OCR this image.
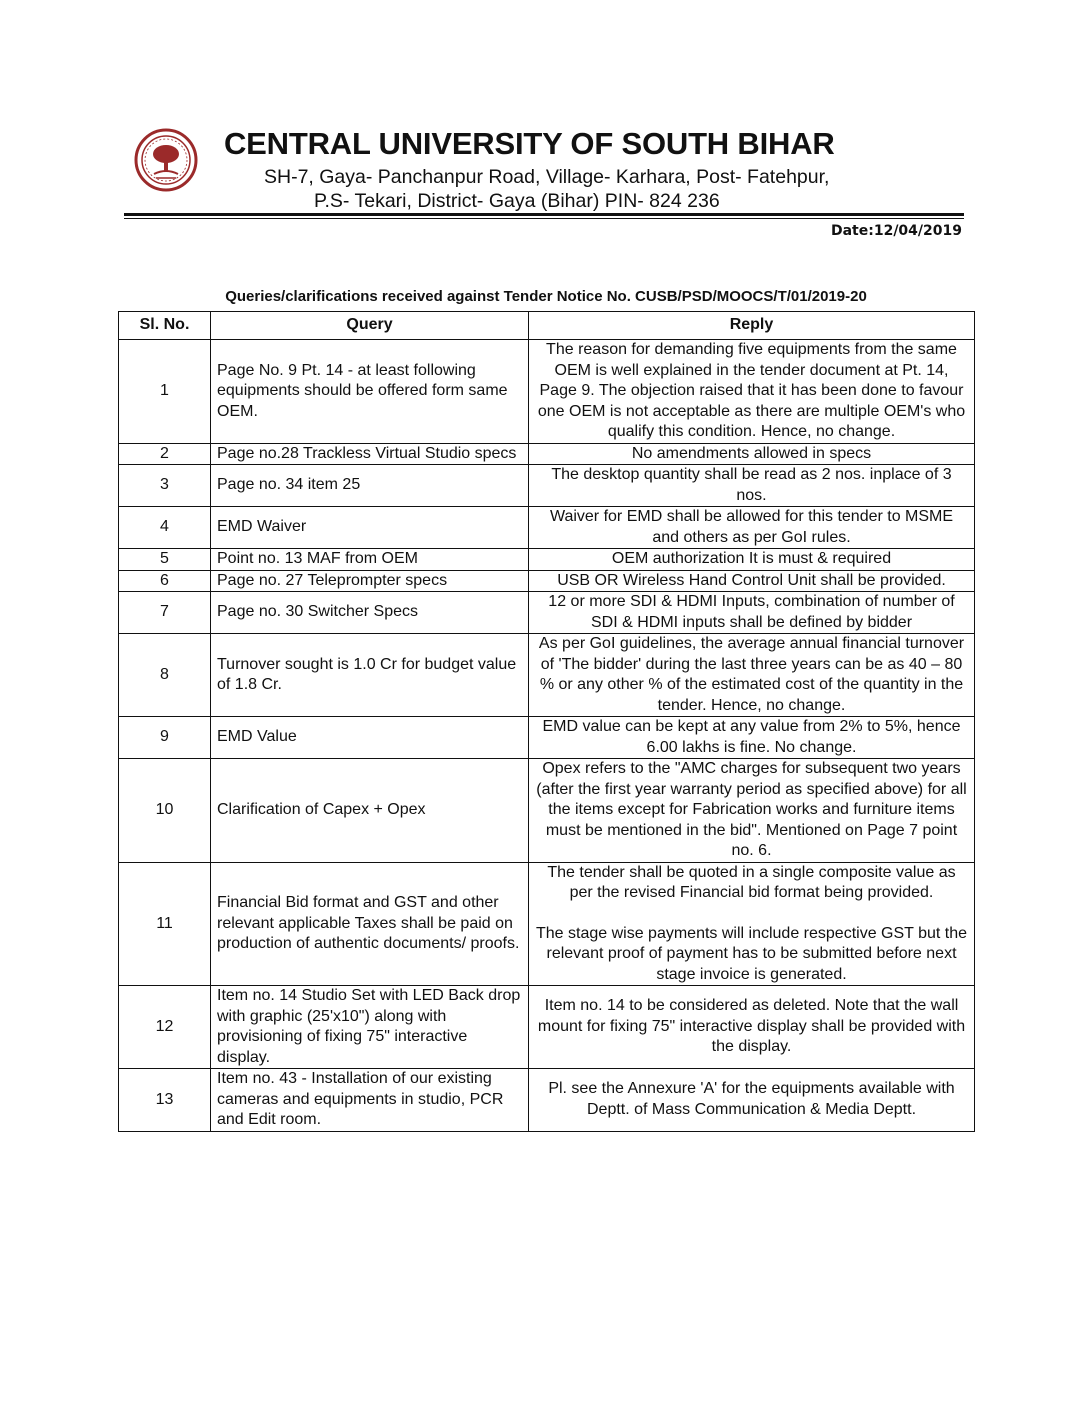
CENTRAL UNIVERSITY OF SOUTH BIHAR
SH-7, Gaya- Panchanpur Road, Village- Karhara, Post- Fatehpur,
P.S- Tekari, District- Gaya (Bihar) PIN- 824 236
Date:12/04/2019
Queries/clarifications received against Tender Notice No. CUSB/PSD/MOOCS/T/01/2019-20
Sl. No.	Query	Reply
1	Page No. 9 Pt. 14 - at least following equipments should be offered form same OEM.	The reason for demanding five equipments from the same OEM is well explained in the tender document at Pt. 14, Page 9. The objection raised that it has been done to favour one OEM is not acceptable as there are multiple OEM's who qualify this condition. Hence, no change.

2	Page no.28 Trackless Virtual Studio specs	No amendments allowed in specs

3	Page no. 34 item 25	The desktop quantity shall be read as 2 nos. inplace of 3 nos.

4	EMD Waiver	Waiver for EMD shall be allowed for this tender to MSME and others as per GoI rules.

5	Point no. 13 MAF from OEM	OEM authorization It is must & required

6	Page no. 27 Teleprompter specs	USB OR Wireless Hand Control Unit shall be provided.

7	Page no. 30 Switcher Specs	12 or more SDI & HDMI Inputs, combination of number of SDI & HDMI inputs shall be defined by bidder

8	Turnover sought is 1.0 Cr for budget value of 1.8 Cr.	As per GoI guidelines, the average annual financial turnover of 'The bidder' during the last three years can be as 40 – 80 % or any other % of the estimated cost of the quantity in the tender. Hence, no change.

9	EMD Value	EMD value can be kept at any value from 2% to 5%, hence 6.00 lakhs is fine. No change.

10	Clarification of Capex + Opex	Opex refers to the "AMC charges for subsequent two years (after the first year warranty period as specified above) for all the items except for Fabrication works and furniture items must be mentioned in the bid". Mentioned on Page 7 point no. 6.

11	Financial Bid format and GST and other relevant applicable Taxes shall be paid on production of authentic documents/ proofs.	The tender shall be quoted in a single composite value as per the revised Financial bid format being provided.
The stage wise payments will include respective GST but the relevant proof of payment has to be submitted before next stage invoice is generated.

12	Item no. 14 Studio Set with LED Back drop with graphic (25'x10") along with provisioning of fixing 75" interactive display.	Item no. 14 to be considered as deleted. Note that the wall mount for fixing 75" interactive display shall be provided with the display.

13	Item no. 43 - Installation of our existing cameras and equipments in studio, PCR and Edit room.	Pl. see the Annexure 'A' for the equipments available with Deptt. of Mass Communication & Media Deptt.
